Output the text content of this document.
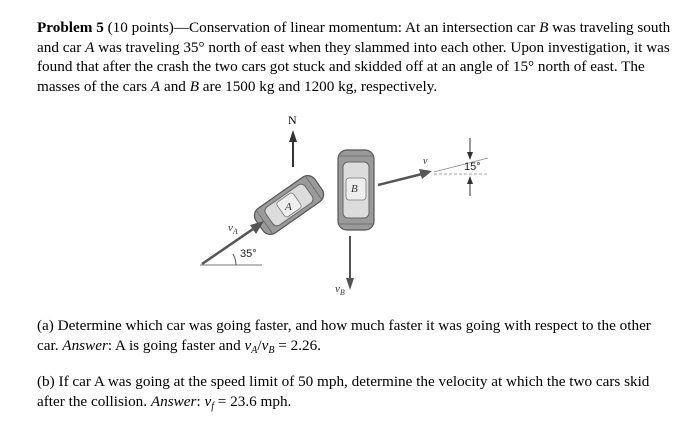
Problem 5 (10 points)—Conservation of linear momentum: At an intersection car B was traveling south and car A was traveling 35° north of east when they slammed into each other. Upon investigation, it was found that after the crash the two cars got stuck and skidded off at an angle of 15° north of east. The masses of the cars A and B are 1500 kg and 1200 kg, respectively.

N
A
B
$v_A$
35°
$v_B$
v	15°

(a) Determine which car was going faster, and how much faster it was going with respect to the other car. Answer: A is going faster and $v_A/v_B = 2.26$.

(b) If car A was going at the speed limit of 50 mph, determine the velocity at which the two cars skid after the collision. Answer: $v_f = 23.6$ mph.
